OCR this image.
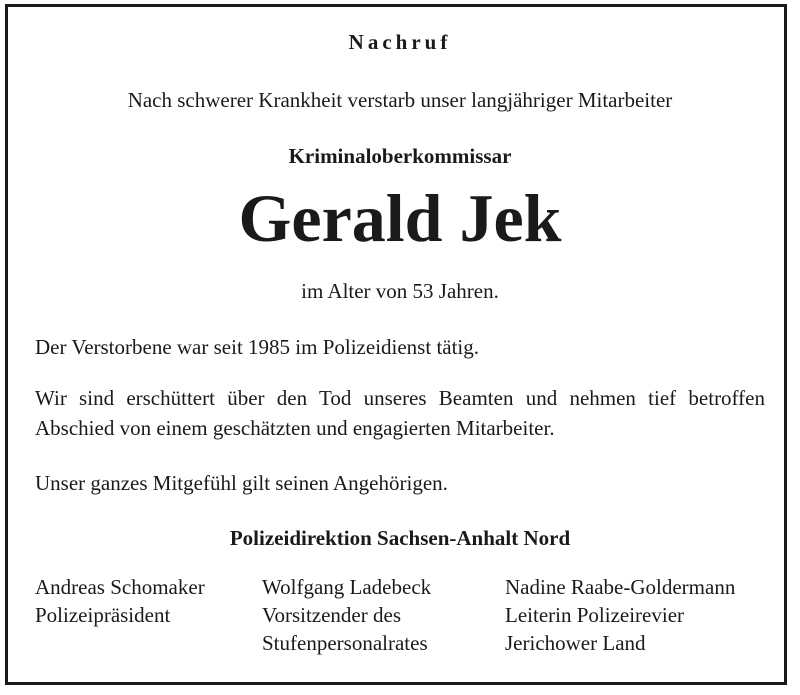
Nachruf
Nach schwerer Krankheit verstarb unser langjähriger Mitarbeiter
Kriminaloberkommissar
Gerald Jek
im Alter von 53 Jahren.
Der Verstorbene war seit 1985 im Polizeidienst tätig.
Wir sind erschüttert über den Tod unseres Beamten und nehmen tief betroffen Abschied von einem geschätzten und engagierten Mitarbeiter.
Unser ganzes Mitgefühl gilt seinen Angehörigen.
Polizeidirektion Sachsen-Anhalt Nord
Andreas Schomaker
Polizeipräsident
Wolfgang Ladebeck
Vorsitzender des
Stufenpersonalrates
Nadine Raabe-Goldermann
Leiterin Polizeirevier
Jerichower Land
